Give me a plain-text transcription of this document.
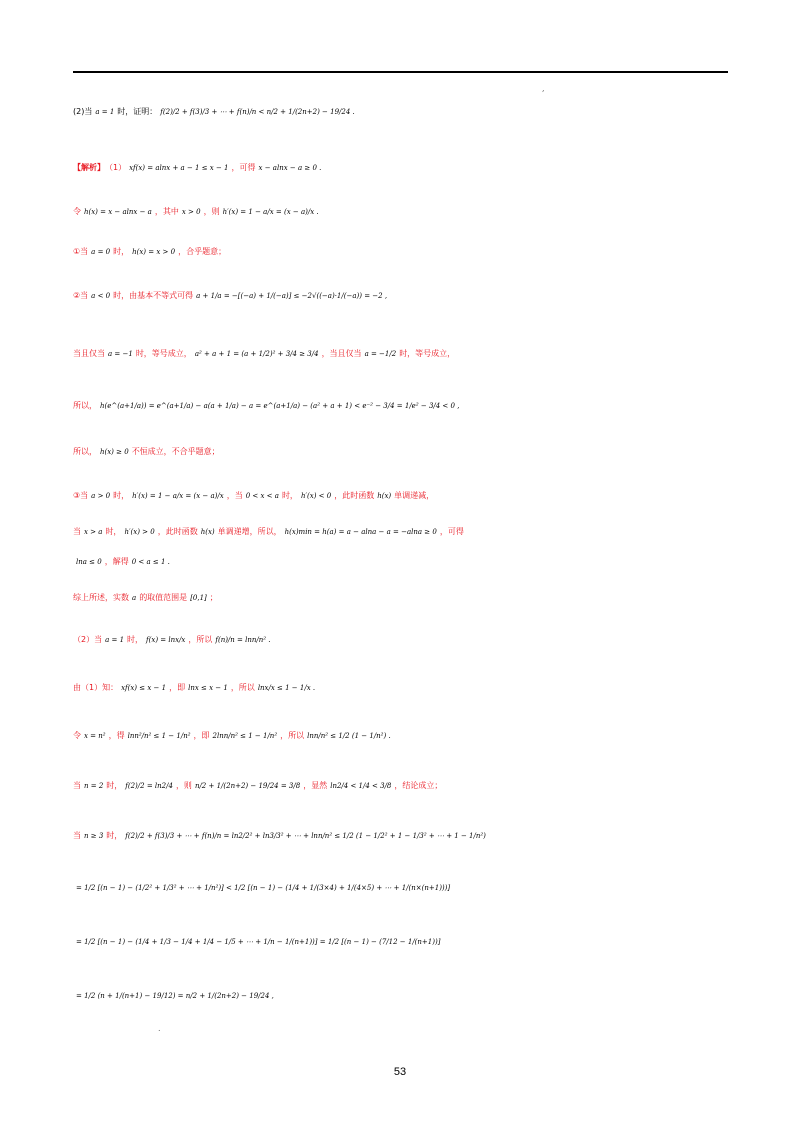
,
.
(2)当 a = 1 时，证明： f(2)/2 + f(3)/3 + ⋯ + f(n)/n < n/2 + 1/(2n+2) − 19/24 .
【解析】 （1） xf(x) = alnx + a − 1 ≤ x − 1 ，可得 x − alnx − a ≥ 0 .
令 h(x) = x − alnx − a ，其中 x > 0 ，则 h′(x) = 1 − a/x = (x − a)/x .
①当 a = 0 时， h(x) = x > 0 ，合乎题意；
②当 a < 0 时，由基本不等式可得 a + 1/a = −[(−a) + 1/(−a)] ≤ −2√((−a)·1/(−a)) = −2 ,
当且仅当 a = −1 时，等号成立， a² + a + 1 = (a + 1/2)² + 3/4 ≥ 3/4 ，当且仅当 a = −1/2 时，等号成立，
所以， h(e^(a+1/a)) = e^(a+1/a) − a(a + 1/a) − a = e^(a+1/a) − (a² + a + 1) < e⁻² − 3/4 = 1/e² − 3/4 < 0 ,
所以， h(x) ≥ 0 不恒成立，不合乎题意；
③当 a > 0 时， h′(x) = 1 − a/x = (x − a)/x ，当 0 < x < a 时， h′(x) < 0 ，此时函数 h(x) 单调递减，
当 x > a 时， h′(x) > 0 ，此时函数 h(x) 单调递增，所以， h(x)min = h(a) = a − alna − a = −alna ≥ 0 ，可得
lna ≤ 0 ，解得 0 < a ≤ 1 .
综上所述，实数 a 的取值范围是 [0,1] ；
（2）当 a = 1 时， f(x) = lnx/x ，所以 f(n)/n = lnn/n² .
由（1）知： xf(x) ≤ x − 1 ，即 lnx ≤ x − 1 ，所以 lnx/x ≤ 1 − 1/x .
令 x = n² ，得 lnn²/n² ≤ 1 − 1/n² ，即 2lnn/n² ≤ 1 − 1/n² ，所以 lnn/n² ≤ 1/2 (1 − 1/n²) .
当 n = 2 时， f(2)/2 = ln2/4 ，则 n/2 + 1/(2n+2) − 19/24 = 3/8 ，显然 ln2/4 < 1/4 < 3/8 ，结论成立；
当 n ≥ 3 时， f(2)/2 + f(3)/3 + ⋯ + f(n)/n = ln2/2² + ln3/3² + ⋯ + lnn/n² ≤ 1/2 (1 − 1/2² + 1 − 1/3² + ⋯ + 1 − 1/n²)
= 1/2 [(n − 1) − (1/2² + 1/3² + ⋯ + 1/n²)] < 1/2 [(n − 1) − (1/4 + 1/(3×4) + 1/(4×5) + ⋯ + 1/(n×(n+1)))]
= 1/2 [(n − 1) − (1/4 + 1/3 − 1/4 + 1/4 − 1/5 + ⋯ + 1/n − 1/(n+1))] = 1/2 [(n − 1) − (7/12 − 1/(n+1))]
= 1/2 (n + 1/(n+1) − 19/12) = n/2 + 1/(2n+2) − 19/24 ,
53
